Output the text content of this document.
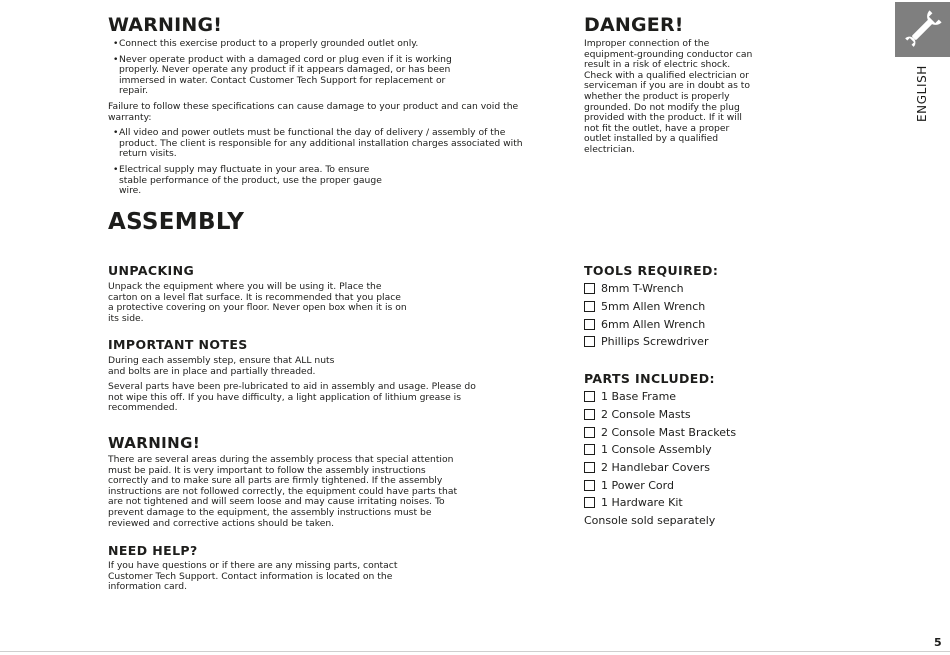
WARNING!
• Connect this exercise product to a properly grounded outlet only.
• Never operate product with a damaged cord or plug even if it is working properly. Never operate any product if it appears damaged, or has been immersed in water. Contact Customer Tech Support for replacement or repair.

Failure to follow these specifications can cause damage to your product and can void the warranty:

• All video and power outlets must be functional the day of delivery / assembly of the product. The client is responsible for any additional installation charges associated with return visits.
• Electrical supply may fluctuate in your area. To ensure stable performance of the product, use the proper gauge wire.
DANGER!

Improper connection of the equipment-grounding conductor can result in a risk of electric shock. Check with a qualified electrician or serviceman if you are in doubt as to whether the product is properly grounded. Do not modify the plug provided with the product. If it will not fit the outlet, have a proper outlet installed by a qualified electrician.

ASSEMBLY
UNPACKING

Unpack the equipment where you will be using it. Place the carton on a level flat surface. It is recommended that you place a protective covering on your floor. Never open box when it is on its side.

IMPORTANT NOTES

During each assembly step, ensure that ALL nuts and bolts are in place and partially threaded.

Several parts have been pre-lubricated to aid in assembly and usage. Please do not wipe this off. If you have difficulty, a light application of lithium grease is recommended.

WARNING!

There are several areas during the assembly process that special attention must be paid. It is very important to follow the assembly instructions correctly and to make sure all parts are firmly tightened. If the assembly instructions are not followed correctly, the equipment could have parts that are not tightened and will seem loose and may cause irritating noises. To prevent damage to the equipment, the assembly instructions must be reviewed and corrective actions should be taken.

NEED HELP?

If you have questions or if there are any missing parts, contact Customer Tech Support. Contact information is located on the information card.

TOOLS REQUIRED:
8mm T-Wrench
5mm Allen Wrench
6mm Allen Wrench
Phillips Screwdriver
PARTS INCLUDED:
1 Base Frame
2 Console Masts
2 Console Mast Brackets
1 Console Assembly
2 Handlebar Covers
1 Power Cord
1 Hardware Kit
Console sold separately
ENGLISH
5
